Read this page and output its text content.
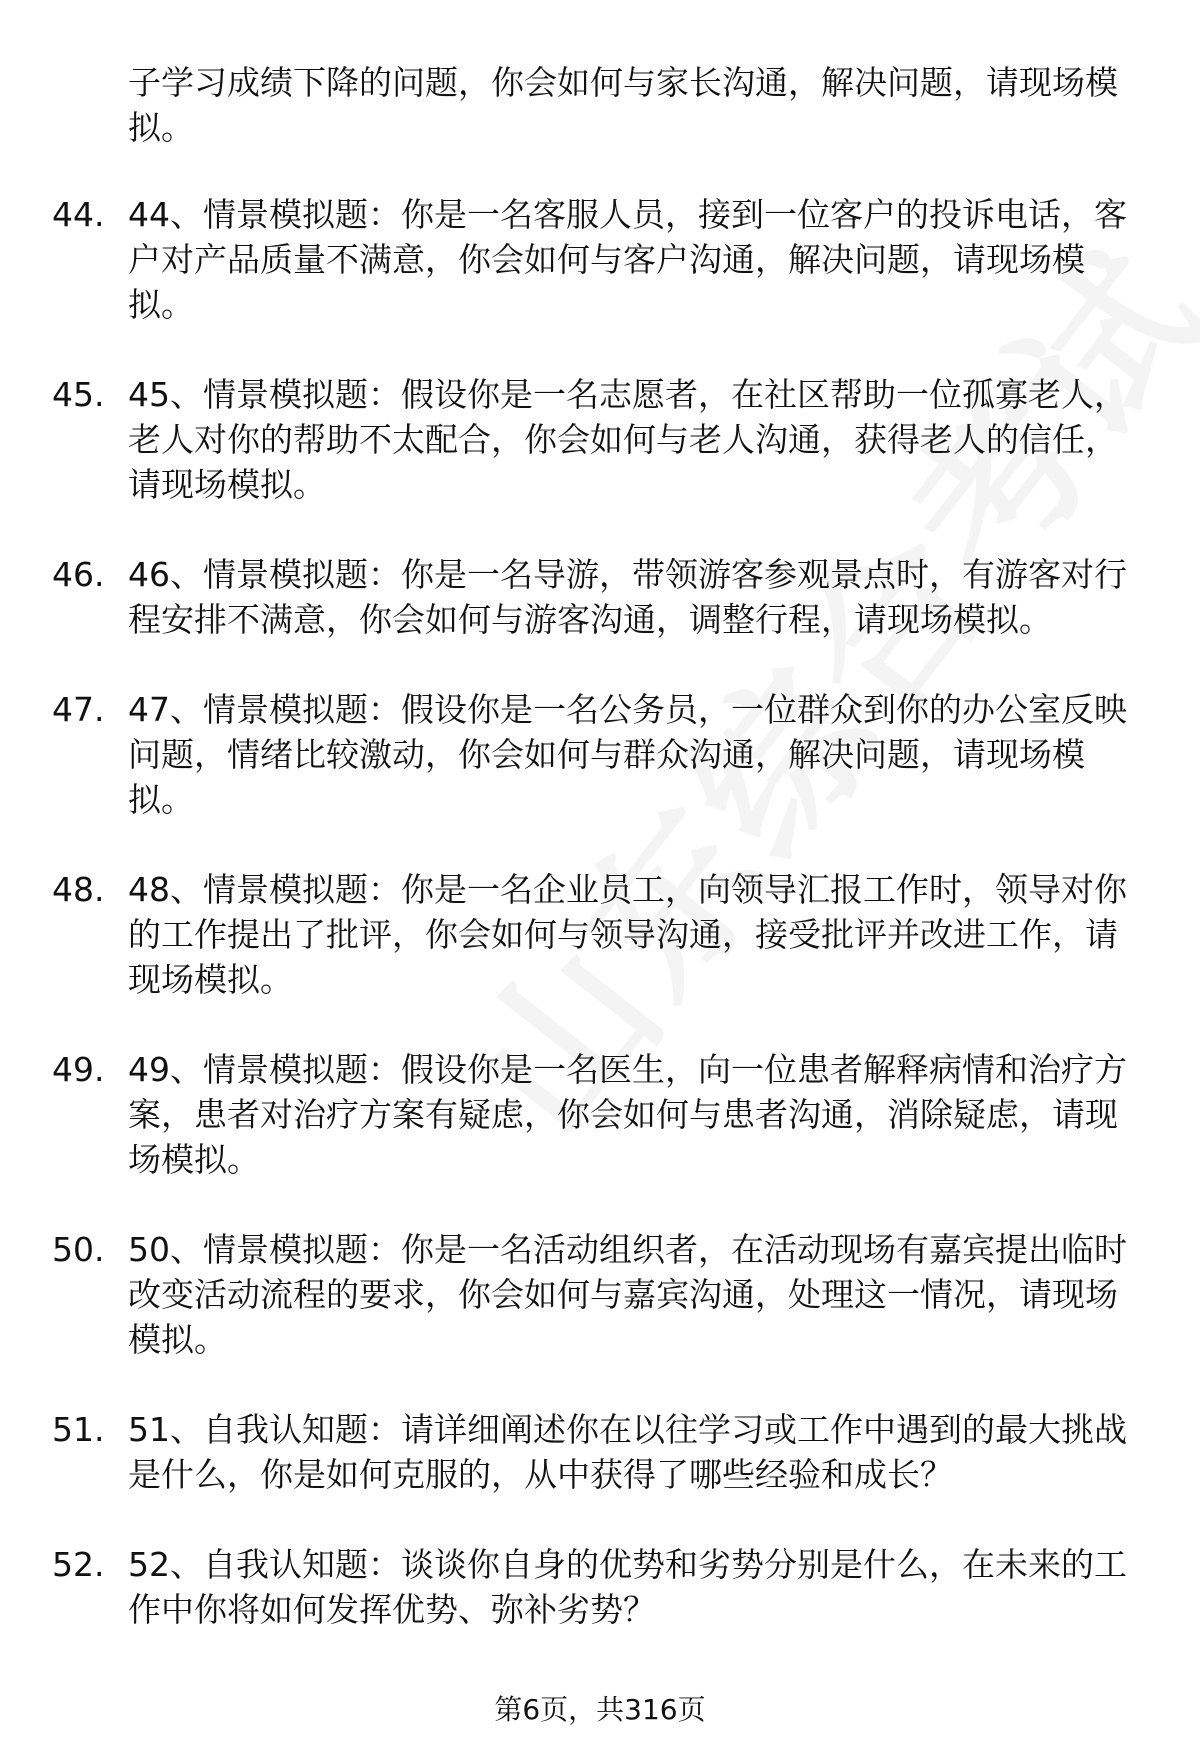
子学习成绩下降的问题，你会如何与家长沟通，解决问题，请现场模拟。
44. 44、情景模拟题：你是一名客服人员，接到一位客户的投诉电话，客户对产品质量不满意，你会如何与客户沟通，解决问题，请现场模拟。
45. 45、情景模拟题：假设你是一名志愿者，在社区帮助一位孤寡老人，老人对你的帮助不太配合，你会如何与老人沟通，获得老人的信任，请现场模拟。
46. 46、情景模拟题：你是一名导游，带领游客参观景点时，有游客对行程安排不满意，你会如何与游客沟通，调整行程，请现场模拟。
47. 47、情景模拟题：假设你是一名公务员，一位群众到你的办公室反映问题，情绪比较激动，你会如何与群众沟通，解决问题，请现场模拟。
48. 48、情景模拟题：你是一名企业员工，向领导汇报工作时，领导对你的工作提出了批评，你会如何与领导沟通，接受批评并改进工作，请现场模拟。
49. 49、情景模拟题：假设你是一名医生，向一位患者解释病情和治疗方案，患者对治疗方案有疑虑，你会如何与患者沟通，消除疑虑，请现场模拟。
50. 50、情景模拟题：你是一名活动组织者，在活动现场有嘉宾提出临时改变活动流程的要求，你会如何与嘉宾沟通，处理这一情况，请现场模拟。
51. 51、自我认知题：请详细阐述你在以往学习或工作中遇到的最大挑战是什么，你是如何克服的，从中获得了哪些经验和成长？
52. 52、自我认知题：谈谈你自身的优势和劣势分别是什么，在未来的工作中你将如何发挥优势、弥补劣势？
第6页，共316页
